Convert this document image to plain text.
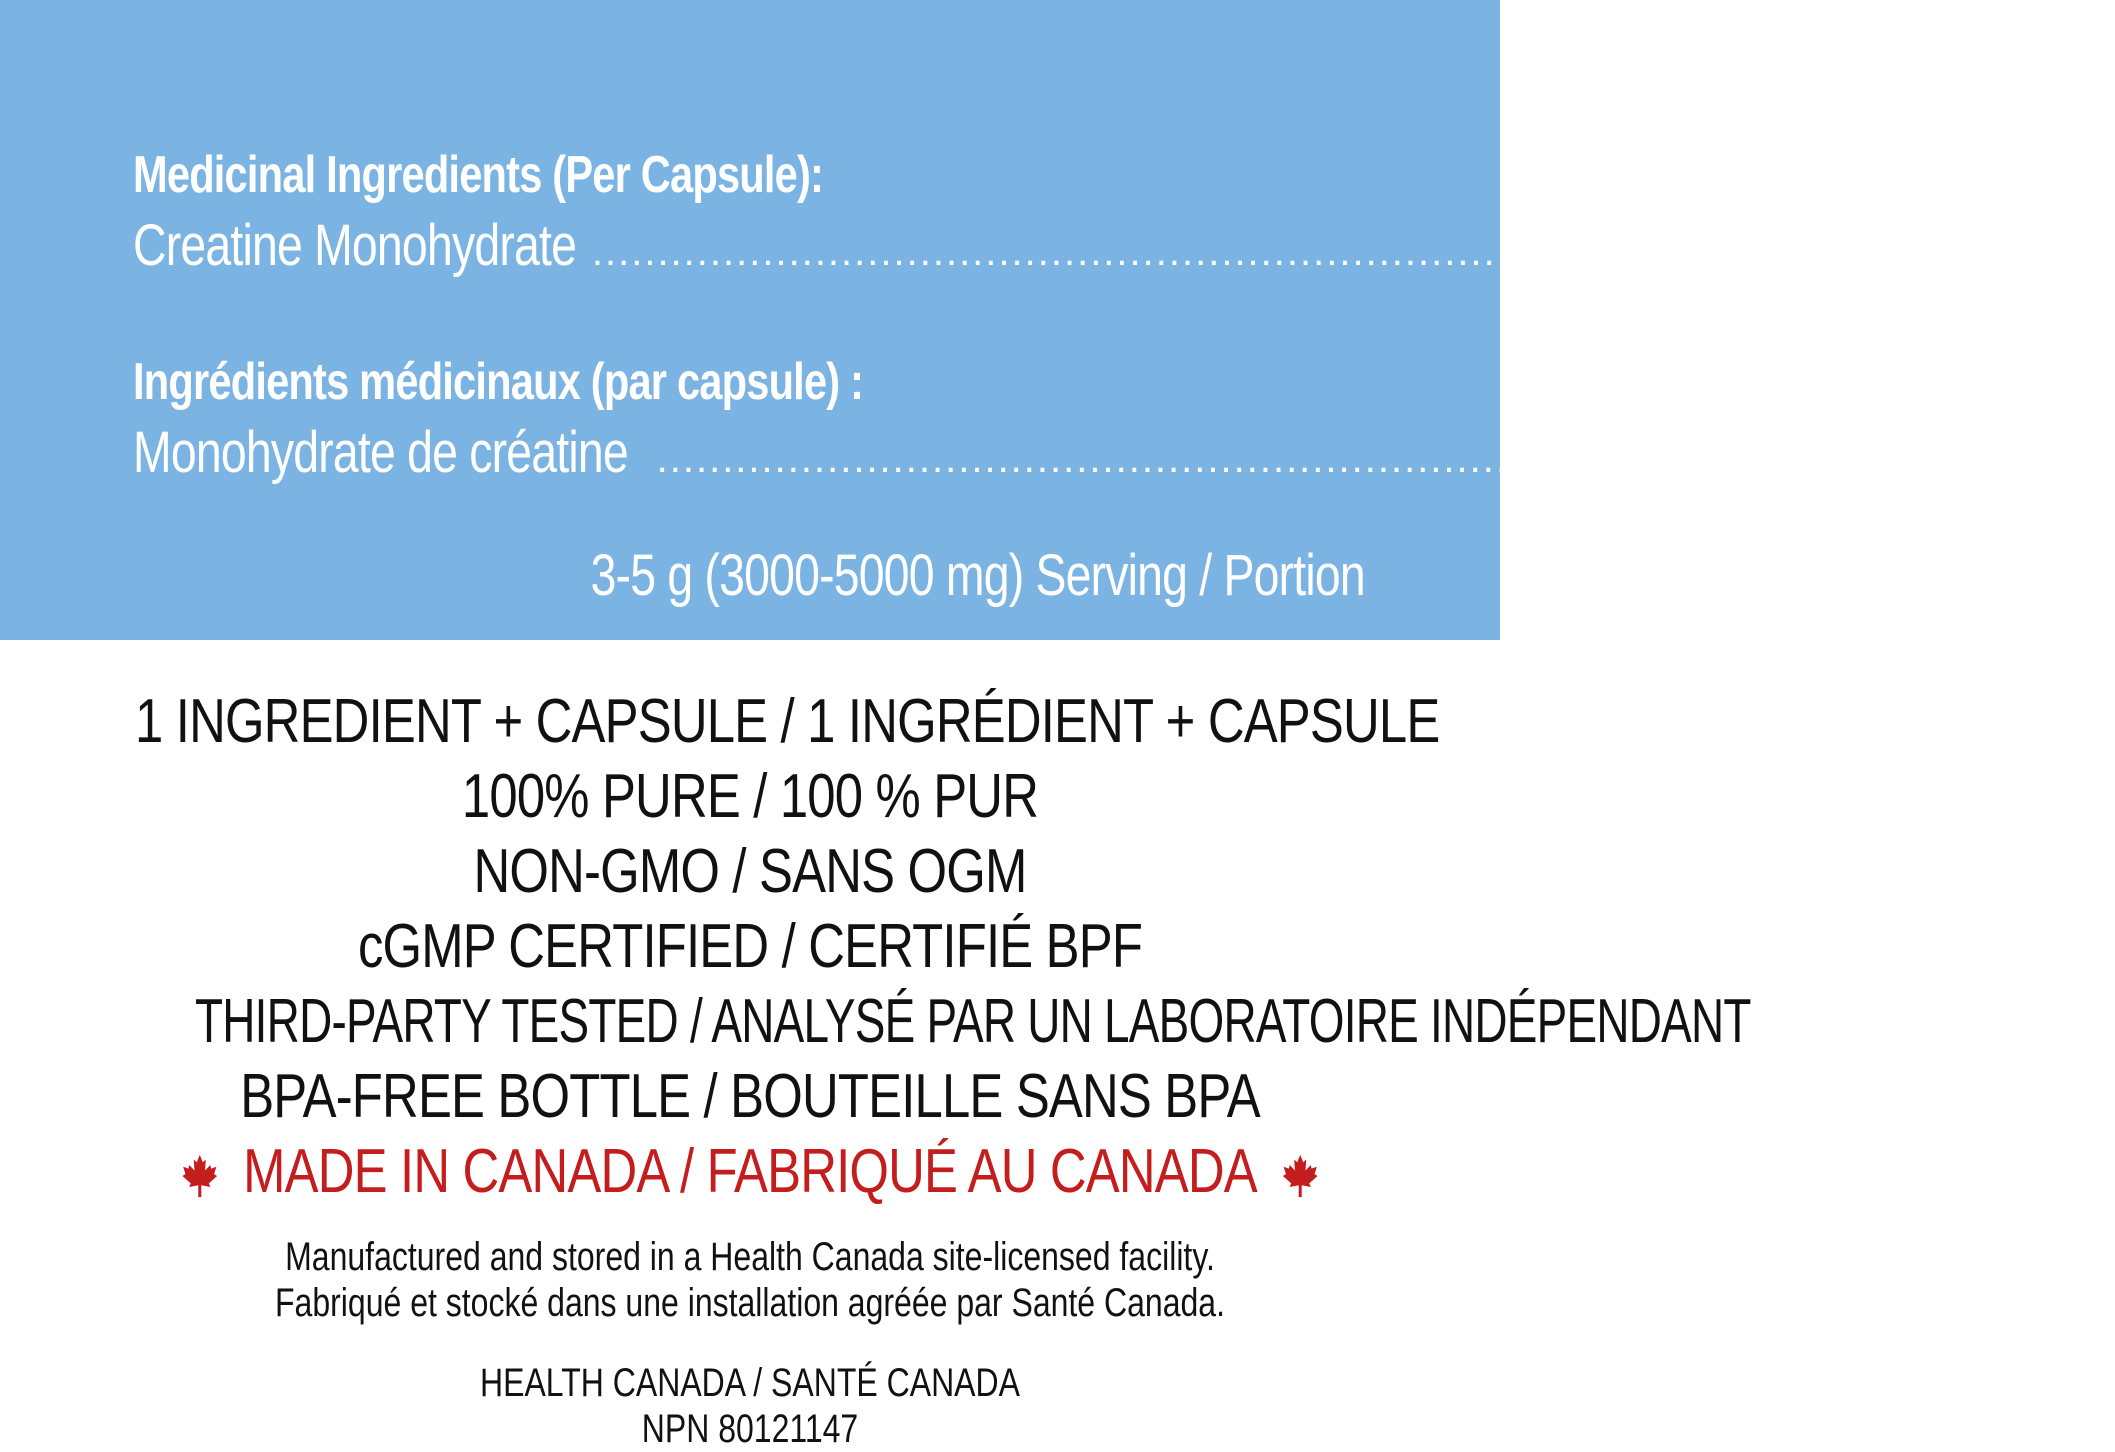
Medicinal Ingredients (Per Capsule):
Creatine Monohydrate .......................................................................................... 1 g (1000 mg)
Ingrédients médicinaux (par capsule) :
Monohydrate de créatine .......................................................................................... 1 g (1000 mg)
3-5 g (3000-5000 mg) Serving / Portion
1 INGREDIENT + CAPSULE / 1 INGRÉDIENT + CAPSULE
100% PURE / 100 % PUR
NON-GMO / SANS OGM
cGMP CERTIFIED / CERTIFIÉ BPF
THIRD-PARTY TESTED / ANALYSÉ PAR UN LABORATOIRE INDÉPENDANT
BPA-FREE BOTTLE / BOUTEILLE SANS BPA
MADE IN CANADA / FABRIQUÉ AU CANADA
Manufactured and stored in a Health Canada site-licensed facility.
Fabriqué et stocké dans une installation agréée par Santé Canada.
HEALTH CANADA / SANTÉ CANADA
NPN 80121147
